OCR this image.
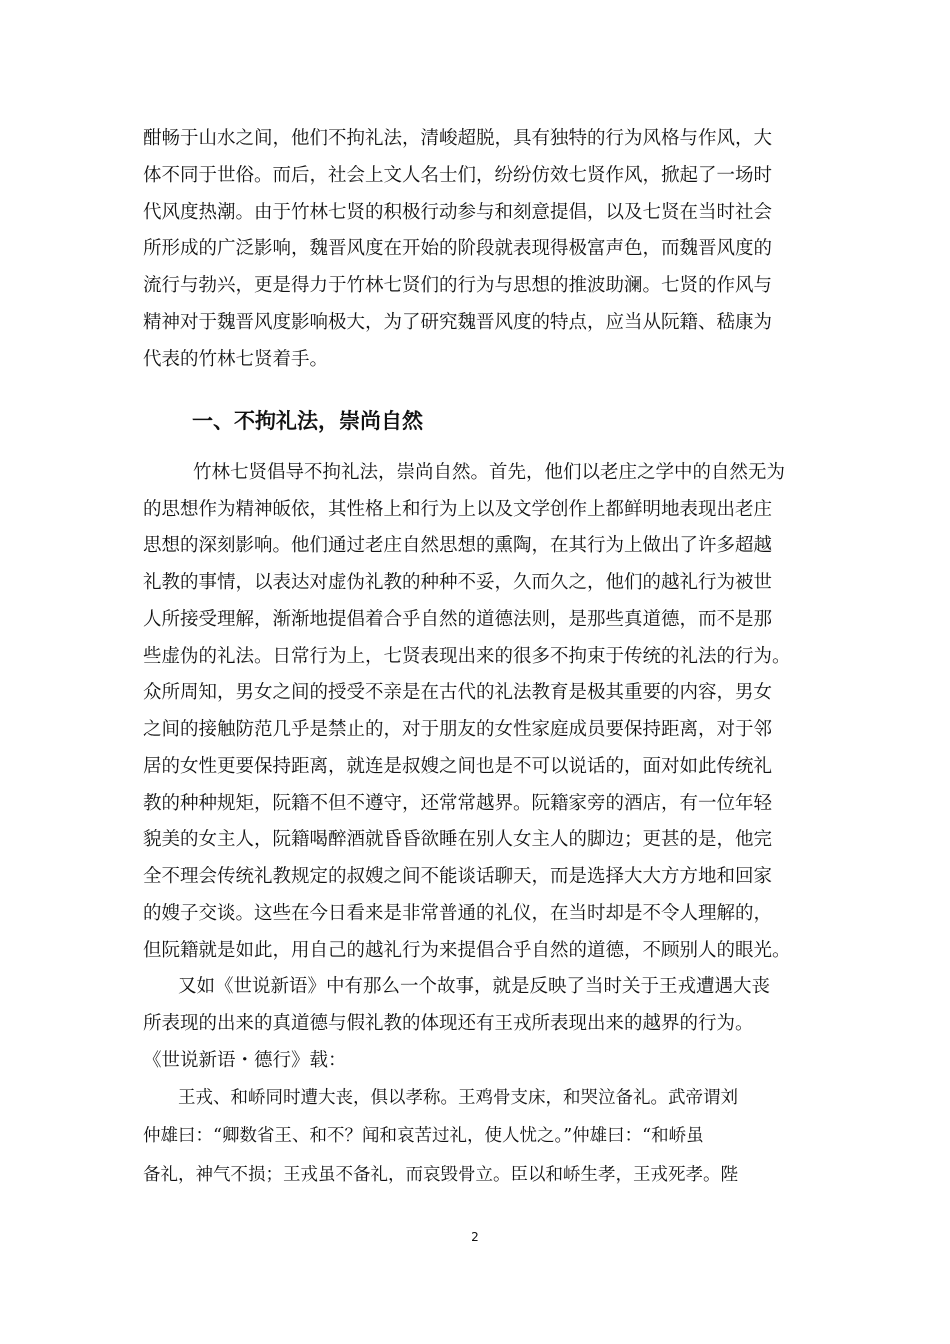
酣畅于山水之间，他们不拘礼法，清峻超脱，具有独特的行为风格与作风，大
体不同于世俗。而后，社会上文人名士们，纷纷仿效七贤作风，掀起了一场时
代风度热潮。由于竹林七贤的积极行动参与和刻意提倡，以及七贤在当时社会
所形成的广泛影响，魏晋风度在开始的阶段就表现得极富声色，而魏晋风度的
流行与勃兴，更是得力于竹林七贤们的行为与思想的推波助澜。七贤的作风与
精神对于魏晋风度影响极大，为了研究魏晋风度的特点，应当从阮籍、嵇康为
代表的竹林七贤着手。
一、不拘礼法，崇尚自然
竹林七贤倡导不拘礼法，崇尚自然。首先，他们以老庄之学中的自然无为
的思想作为精神皈依，其性格上和行为上以及文学创作上都鲜明地表现出老庄
思想的深刻影响。他们通过老庄自然思想的熏陶，在其行为上做出了许多超越
礼教的事情，以表达对虚伪礼教的种种不妥，久而久之，他们的越礼行为被世
人所接受理解，渐渐地提倡着合乎自然的道德法则，是那些真道德，而不是那
些虚伪的礼法。日常行为上，七贤表现出来的很多不拘束于传统的礼法的行为。
众所周知，男女之间的授受不亲是在古代的礼法教育是极其重要的内容，男女
之间的接触防范几乎是禁止的，对于朋友的女性家庭成员要保持距离，对于邻
居的女性更要保持距离，就连是叔嫂之间也是不可以说话的，面对如此传统礼
教的种种规矩，阮籍不但不遵守，还常常越界。阮籍家旁的酒店，有一位年轻
貌美的女主人，阮籍喝醉酒就昏昏欲睡在别人女主人的脚边；更甚的是，他完
全不理会传统礼教规定的叔嫂之间不能谈话聊天，而是选择大大方方地和回家
的嫂子交谈。这些在今日看来是非常普通的礼仪，在当时却是不令人理解的，
但阮籍就是如此，用自己的越礼行为来提倡合乎自然的道德，不顾别人的眼光。
又如《世说新语》中有那么一个故事，就是反映了当时关于王戎遭遇大丧
所表现的出来的真道德与假礼教的体现还有王戎所表现出来的越界的行为。
《世说新语・德行》载：
王戎、和峤同时遭大丧，俱以孝称。王鸡骨支床，和哭泣备礼。武帝谓刘
仲雄曰：“卿数省王、和不？闻和哀苦过礼，使人忧之。”仲雄曰：“和峤虽
备礼，神气不损；王戎虽不备礼，而哀毁骨立。臣以和峤生孝，王戎死孝。陛
2
